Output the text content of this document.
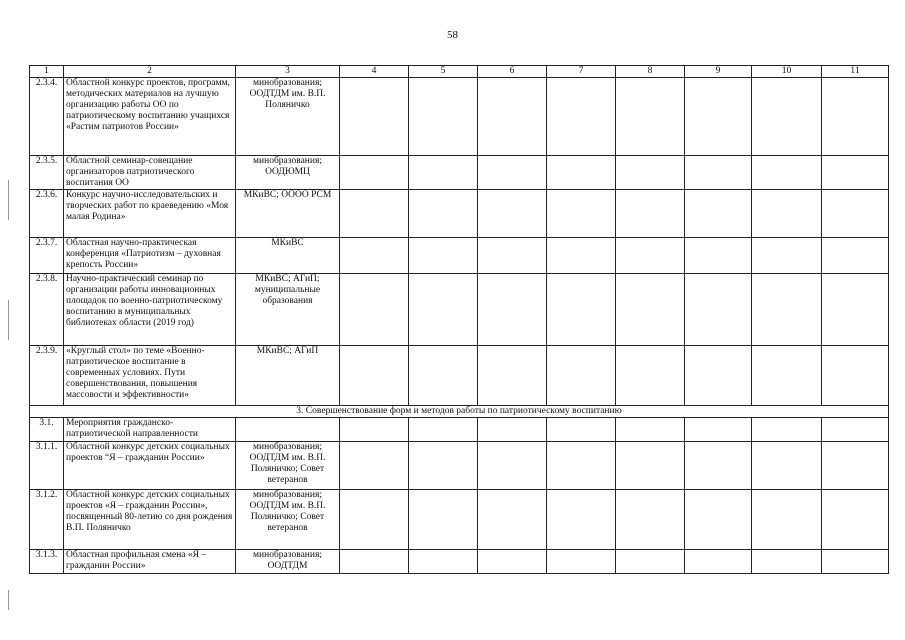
58
1	2	3	4	5	6	7	8	9	10	11
2.3.4.	Областной конкурс проектов, программ, методических материалов на лучшую организацию работы ОО по патриотическому воспитанию учащихся «Растим патриотов России»	минобразования; ООДТДМ им. В.П. Поляничко								
2.3.5.	Областной семинар-совещание организаторов патриотического воспитания ОО	минобразования; ООДЮМЦ								
2.3.6.	Конкурс научно-исследовательских и творческих работ по краеведению «Моя малая Родина»	МКиВС; ОООО РСМ								
2.3.7.	Областная научно-практическая конференция «Патриотизм – духовная крепость России»	МКиВС								
2.3.8.	Научно-практический семинар по организации работы инновационных площадок по военно-патриотическому воспитанию в муниципальных библиотеках области (2019 год)	МКиВС; АГиП; муниципальные образования								
2.3.9.	«Круглый стол» по теме «Военно-патриотическое воспитание в современных условиях. Пути совершенствования, повышения массовости и эффективности»	МКиВС; АГиП								
3. Совершенствование форм и методов работы по патриотическому воспитанию										
3.1.	Мероприятия гражданско-патриотической направленности									
3.1.1.	Областной конкурс детских социальных проектов “Я – гражданин России»	минобразования; ООДТДМ им. В.П. Поляничко; Совет ветеранов								
3.1.2.	Областной конкурс детских социальных проектов «Я – гражданин России», посвященный 80-летию со дня рождения В.П. Поляничко	минобразования; ООДТДМ им. В.П. Поляничко; Совет ветеранов								
3.1.3.	Областная профильная смена «Я – гражданин России»	минобразования; ООДТДМ								
